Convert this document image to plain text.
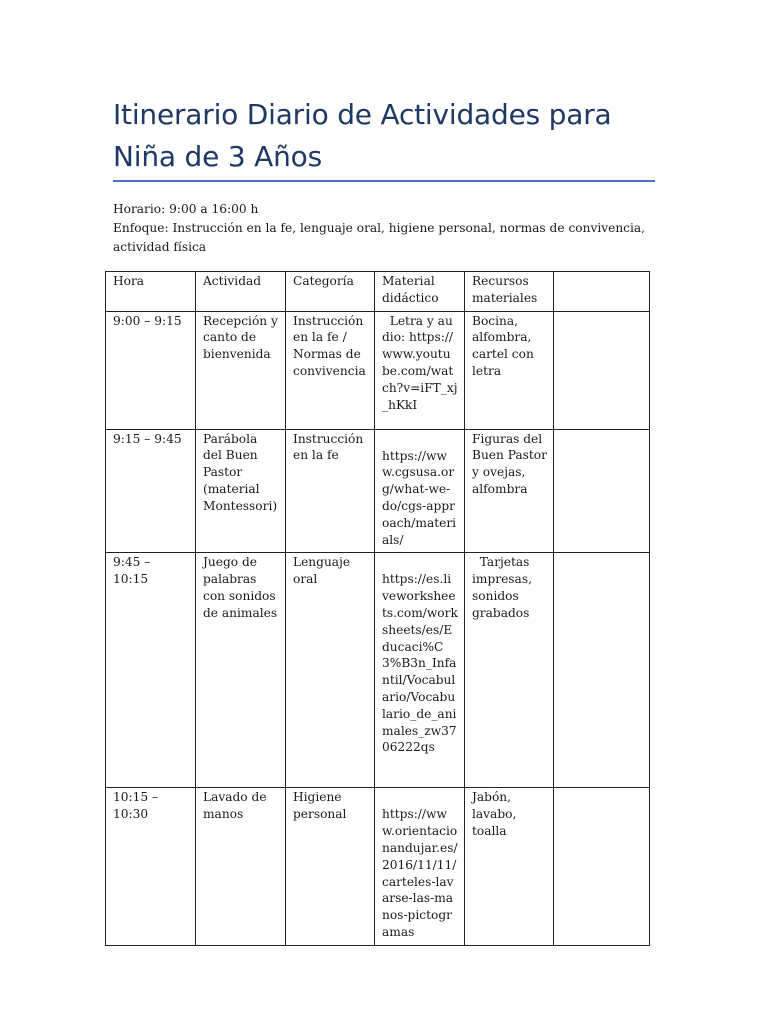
Itinerario Diario de Actividades para Niña de 3 Años

Horario: 9:00 a 16:00 h

Enfoque: Instrucción en la fe, lenguaje oral, higiene personal, normas de convivencia, actividad física

Hora	Actividad	Categoría	Material didáctico	Recursos materiales	
9:00 – 9:15	Recepción y canto de bienvenida	Instrucción en la fe / Normas de convivencia	Letra y audio: https://www.youtube.com/watch?v=iFT_xj_hKkI	Bocina, alfombra, cartel con letra	
9:15 – 9:45	Parábola del Buen Pastor (material Montessori)	Instrucción en la fe	https://www.cgsusa.org/what-we-do/cgs-approach/materials/	Figuras del Buen Pastor y ovejas, alfombra	
9:45 – 10:15	Juego de palabras con sonidos de animales	Lenguaje oral	https://es.liveworksheets.com/worksheets/es/Educaci%C3%B3n_Infantil/Vocabulario/Vocabulario_de_animales_zw3706222qs	Tarjetas impresas, sonidos grabados	
10:15 – 10:30	Lavado de manos	Higiene personal	https://www.orientacionandujar.es/2016/11/11/carteles-lavarse-las-manos-pictogramas	Jabón, lavabo, toalla	
